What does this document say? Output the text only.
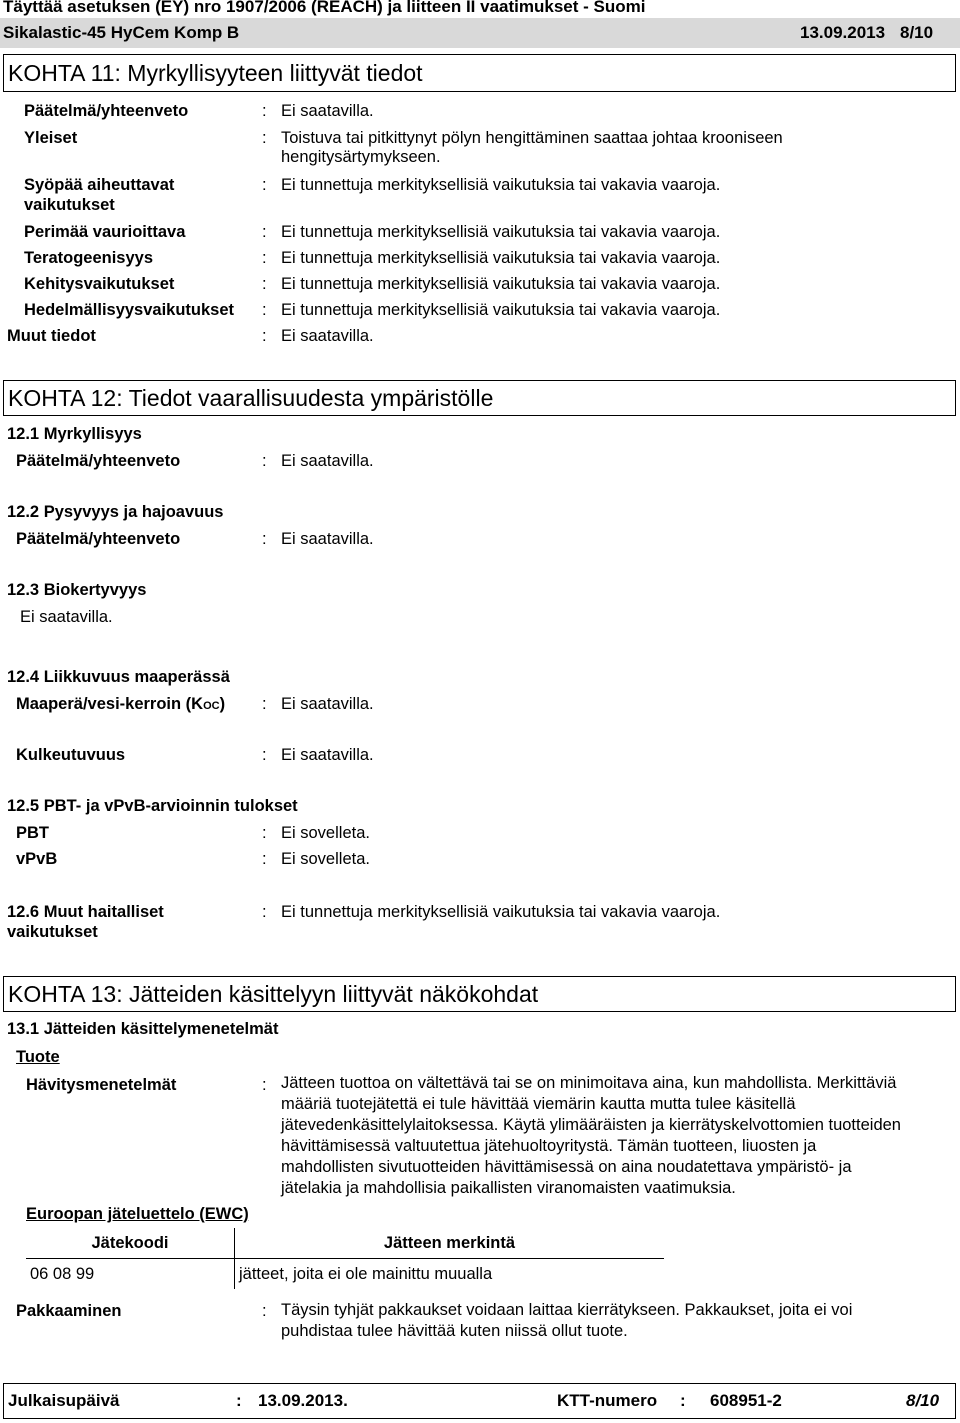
Täyttää asetuksen (EY) nro 1907/2006 (REACH) ja liitteen II vaatimukset - Suomi
Sikalastic-45 HyCem Komp B	13.09.2013 8/10
KOHTA 11: Myrkyllisyyteen liittyvät tiedot
Päätelmä/yhteenveto	: Ei saatavilla.
Yleiset	: Toistuva tai pitkittynyt pölyn hengittäminen saattaa johtaa krooniseen
hengitysärtymykseen.
Syöpää aiheuttavat
vaikutukset
: Ei tunnettuja merkityksellisiä vaikutuksia tai vakavia vaaroja.
Perimää vaurioittava	: Ei tunnettuja merkityksellisiä vaikutuksia tai vakavia vaaroja.
Teratogeenisyys	: Ei tunnettuja merkityksellisiä vaikutuksia tai vakavia vaaroja.
Kehitysvaikutukset	: Ei tunnettuja merkityksellisiä vaikutuksia tai vakavia vaaroja.
Hedelmällisyysvaikutukset : Ei tunnettuja merkityksellisiä vaikutuksia tai vakavia vaaroja.
Muut tiedot	: Ei saatavilla.
KOHTA 12: Tiedot vaarallisuudesta ympäristölle
12.1 Myrkyllisyys
Päätelmä/yhteenveto	: Ei saatavilla.
12.2 Pysyvyys ja hajoavuus
Päätelmä/yhteenveto	: Ei saatavilla.
12.3 Biokertyvyys
Ei saatavilla.
12.4 Liikkuvuus maaperässä
Maaperä/vesi-kerroin (KOC) : Ei saatavilla.
Kulkeutuvuus	: Ei saatavilla.
12.5 PBT- ja vPvB-arvioinnin tulokset
PBT	: Ei sovelleta.
vPvB	: Ei sovelleta.
12.6 Muut haitalliset
vaikutukset
: Ei tunnettuja merkityksellisiä vaikutuksia tai vakavia vaaroja.
KOHTA 13: Jätteiden käsittelyyn liittyvät näkökohdat
13.1 Jätteiden käsittelymenetelmät
Tuote
Hävitysmenetelmät	: Jätteen tuottoa on vältettävä tai se on minimoitava aina, kun mahdollista. Merkittäviä
määriä tuotejätettä ei tule hävittää viemärin kautta mutta tulee käsitellä
jätevedenkäsittelylaitoksessa. Käytä ylimääräisten ja kierrätyskelvottomien tuotteiden
hävittämisessä valtuutettua jätehuoltoyritystä. Tämän tuotteen, liuosten ja
mahdollisten sivutuotteiden hävittämisessä on aina noudatettava ympäristö- ja
jätelakia ja mahdollisia paikallisten viranomaisten vaatimuksia.
Euroopan jäteluettelo (EWC)
Jätekoodi	Jätteen merkintä
06 08 99	jätteet, joita ei ole mainittu muualla
Pakkaaminen	: Täysin tyhjät pakkaukset voidaan laittaa kierrätykseen. Pakkaukset, joita ei voi
puhdistaa tulee hävittää kuten niissä ollut tuote.
Julkaisupäivä	: 13.09.2013.	KTT-numero : 608951-2	8/10
